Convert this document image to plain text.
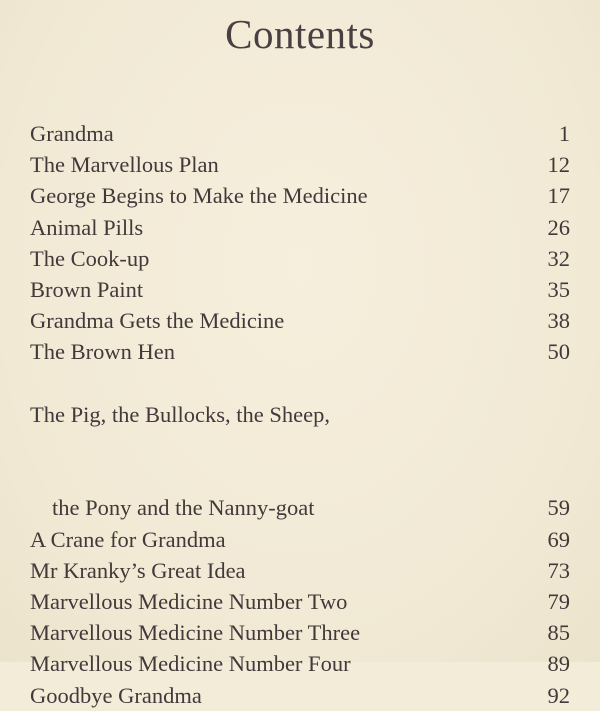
Contents
Grandma	1
The Marvellous Plan	12
George Begins to Make the Medicine	17
Animal Pills	26
The Cook-up	32
Brown Paint	35
Grandma Gets the Medicine	38
The Brown Hen	50

The Pig, the Bullocks, the Sheep,

the Pony and the Nanny-goat	59
A Crane for Grandma	69
Mr Kranky’s Great Idea	73
Marvellous Medicine Number Two	79
Marvellous Medicine Number Three	85
Marvellous Medicine Number Four	89
Goodbye Grandma	92
